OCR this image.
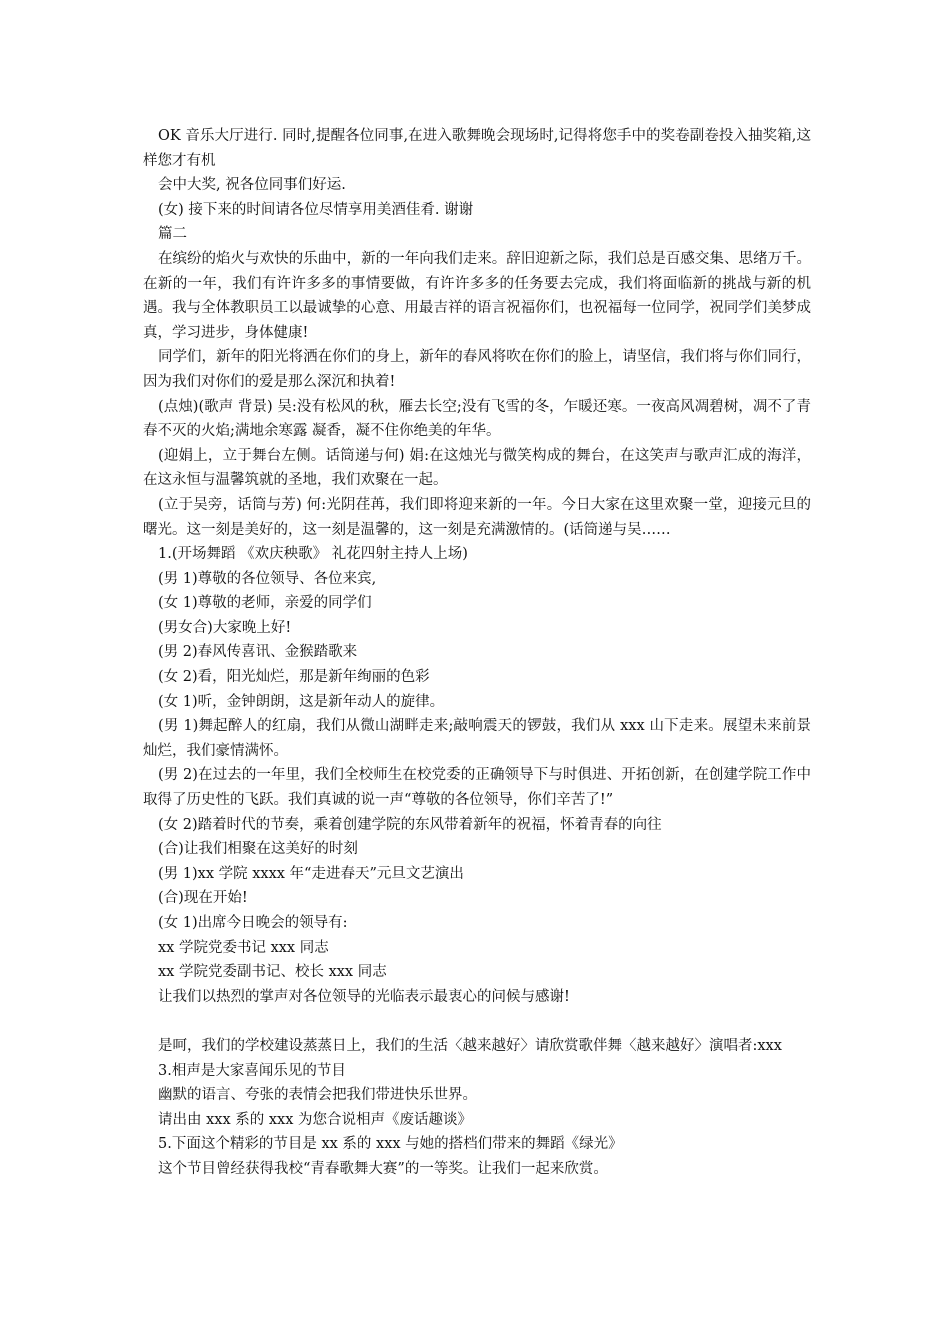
OK 音乐大厅进行. 同时,提醒各位同事,在进入歌舞晚会现场时,记得将您手中的奖卷副卷投入抽奖箱,这样您才有机

会中大奖, 祝各位同事们好运.

(女) 接下来的时间请各位尽情享用美酒佳肴. 谢谢

篇二

在缤纷的焰火与欢快的乐曲中，新的一年向我们走来。辞旧迎新之际，我们总是百感交集、思绪万千。在新的一年，我们有许许多多的事情要做，有许许多多的任务要去完成，我们将面临新的挑战与新的机遇。我与全体教职员工以最诚挚的心意、用最吉祥的语言祝福你们，也祝福每一位同学，祝同学们美梦成真，学习进步，身体健康!

同学们，新年的阳光将洒在你们的身上，新年的春风将吹在你们的脸上，请坚信，我们将与你们同行，因为我们对你们的爱是那么深沉和执着!

(点烛)(歌声 背景) 吴:没有松风的秋，雁去长空;没有飞雪的冬，乍暖还寒。一夜高风凋碧树，凋不了青春不灭的火焰;满地余寒露 凝香，凝不住你绝美的年华。

(迎娟上，立于舞台左侧。话筒递与何) 娟:在这烛光与微笑构成的舞台，在这笑声与歌声汇成的海洋，在这永恒与温馨筑就的圣地，我们欢聚在一起。

(立于吴旁，话筒与芳) 何:光阴荏苒，我们即将迎来新的一年。今日大家在这里欢聚一堂，迎接元旦的曙光。这一刻是美好的，这一刻是温馨的，这一刻是充满激情的。(话筒递与吴……

1.(开场舞蹈 《欢庆秧歌》 礼花四射主持人上场)

(男 1)尊敬的各位领导、各位来宾,

(女 1)尊敬的老师，亲爱的同学们

(男女合)大家晚上好!

(男 2)春风传喜讯、金猴踏歌来

(女 2)看，阳光灿烂，那是新年绚丽的色彩

(女 1)听，金钟朗朗，这是新年动人的旋律。

(男 1)舞起醉人的红扇，我们从微山湖畔走来;敲响震天的锣鼓，我们从 xxx 山下走来。展望未来前景灿烂，我们豪情满怀。

(男 2)在过去的一年里，我们全校师生在校党委的正确领导下与时俱进、开拓创新，在创建学院工作中取得了历史性的飞跃。我们真诚的说一声“尊敬的各位领导，你们辛苦了!”

(女 2)踏着时代的节奏，乘着创建学院的东风带着新年的祝福，怀着青春的向往

(合)让我们相聚在这美好的时刻

(男 1)xx 学院 xxxx 年“走进春天”元旦文艺演出

(合)现在开始!

(女 1)出席今日晚会的领导有:

xx 学院党委书记 xxx 同志

xx 学院党委副书记、校长 xxx 同志

让我们以热烈的掌声对各位领导的光临表示最衷心的问候与感谢!

是呵，我们的学校建设蒸蒸日上，我们的生活〈越来越好〉请欣赏歌伴舞〈越来越好〉演唱者:xxx

3.相声是大家喜闻乐见的节目

幽默的语言、夸张的表情会把我们带进快乐世界。

请出由 xxx 系的 xxx 为您合说相声《废话趣谈》

5.下面这个精彩的节目是 xx 系的 xxx 与她的搭档们带来的舞蹈《绿光》

这个节目曾经获得我校“青春歌舞大赛”的一等奖。让我们一起来欣赏。
